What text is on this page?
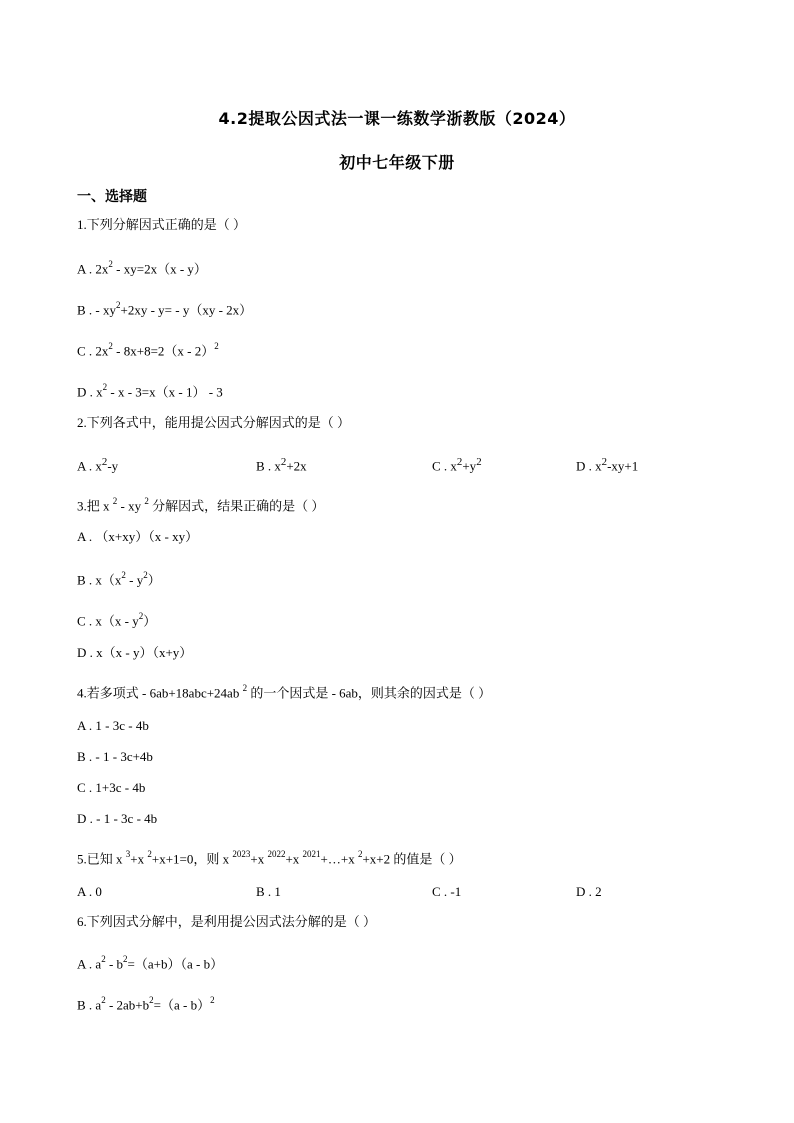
4.2提取公因式法一课一练数学浙教版（2024）
初中七年级下册
一、选择题
1.下列分解因式正确的是（ ）
A . $2x^2 - xy=2x(x - y)$
B . - $xy^2+2xy - y= - y(xy - 2x)$
C . $2x^2 - 8x+8=2(x - 2)^2$
D . $x^2 - x - 3=x(x - 1) - 3$
2.下列各式中，能用提公因式分解因式的是（ ）
A . $x^2-y$	B . $x^2+2x$	C . $x^2+y^2$	D . $x^2-xy+1$
3.把 x $^2$ - xy $^2$ 分解因式，结果正确的是（ ）
A . （x+xy）（x - xy）
B . $x(x^2 - y^2)$
C . $x(x - y^2)$
D . x（x - y）（x+y）
4.若多项式 - 6ab+18abc+24ab $^2$ 的一个因式是 - 6ab，则其余的因式是（ ）
A . 1 - 3c - 4b
B . - 1 - 3c+4b
C . 1+3c - 4b
D . - 1 - 3c - 4b
5.已知 x $^3$+x $^2$+x+1=0，则 x $^{2023}$+x $^{2022}$+x $^{2021}$+…+x $^2$+x+2 的值是（ ）
A . 0	B . 1	C . -1	D . 2
6.下列因式分解中，是利用提公因式法分解的是（ ）
A . $a^2 - b^2=(a+b)(a - b)$
B . $a^2 - 2ab+b^2=(a - b)^2$
